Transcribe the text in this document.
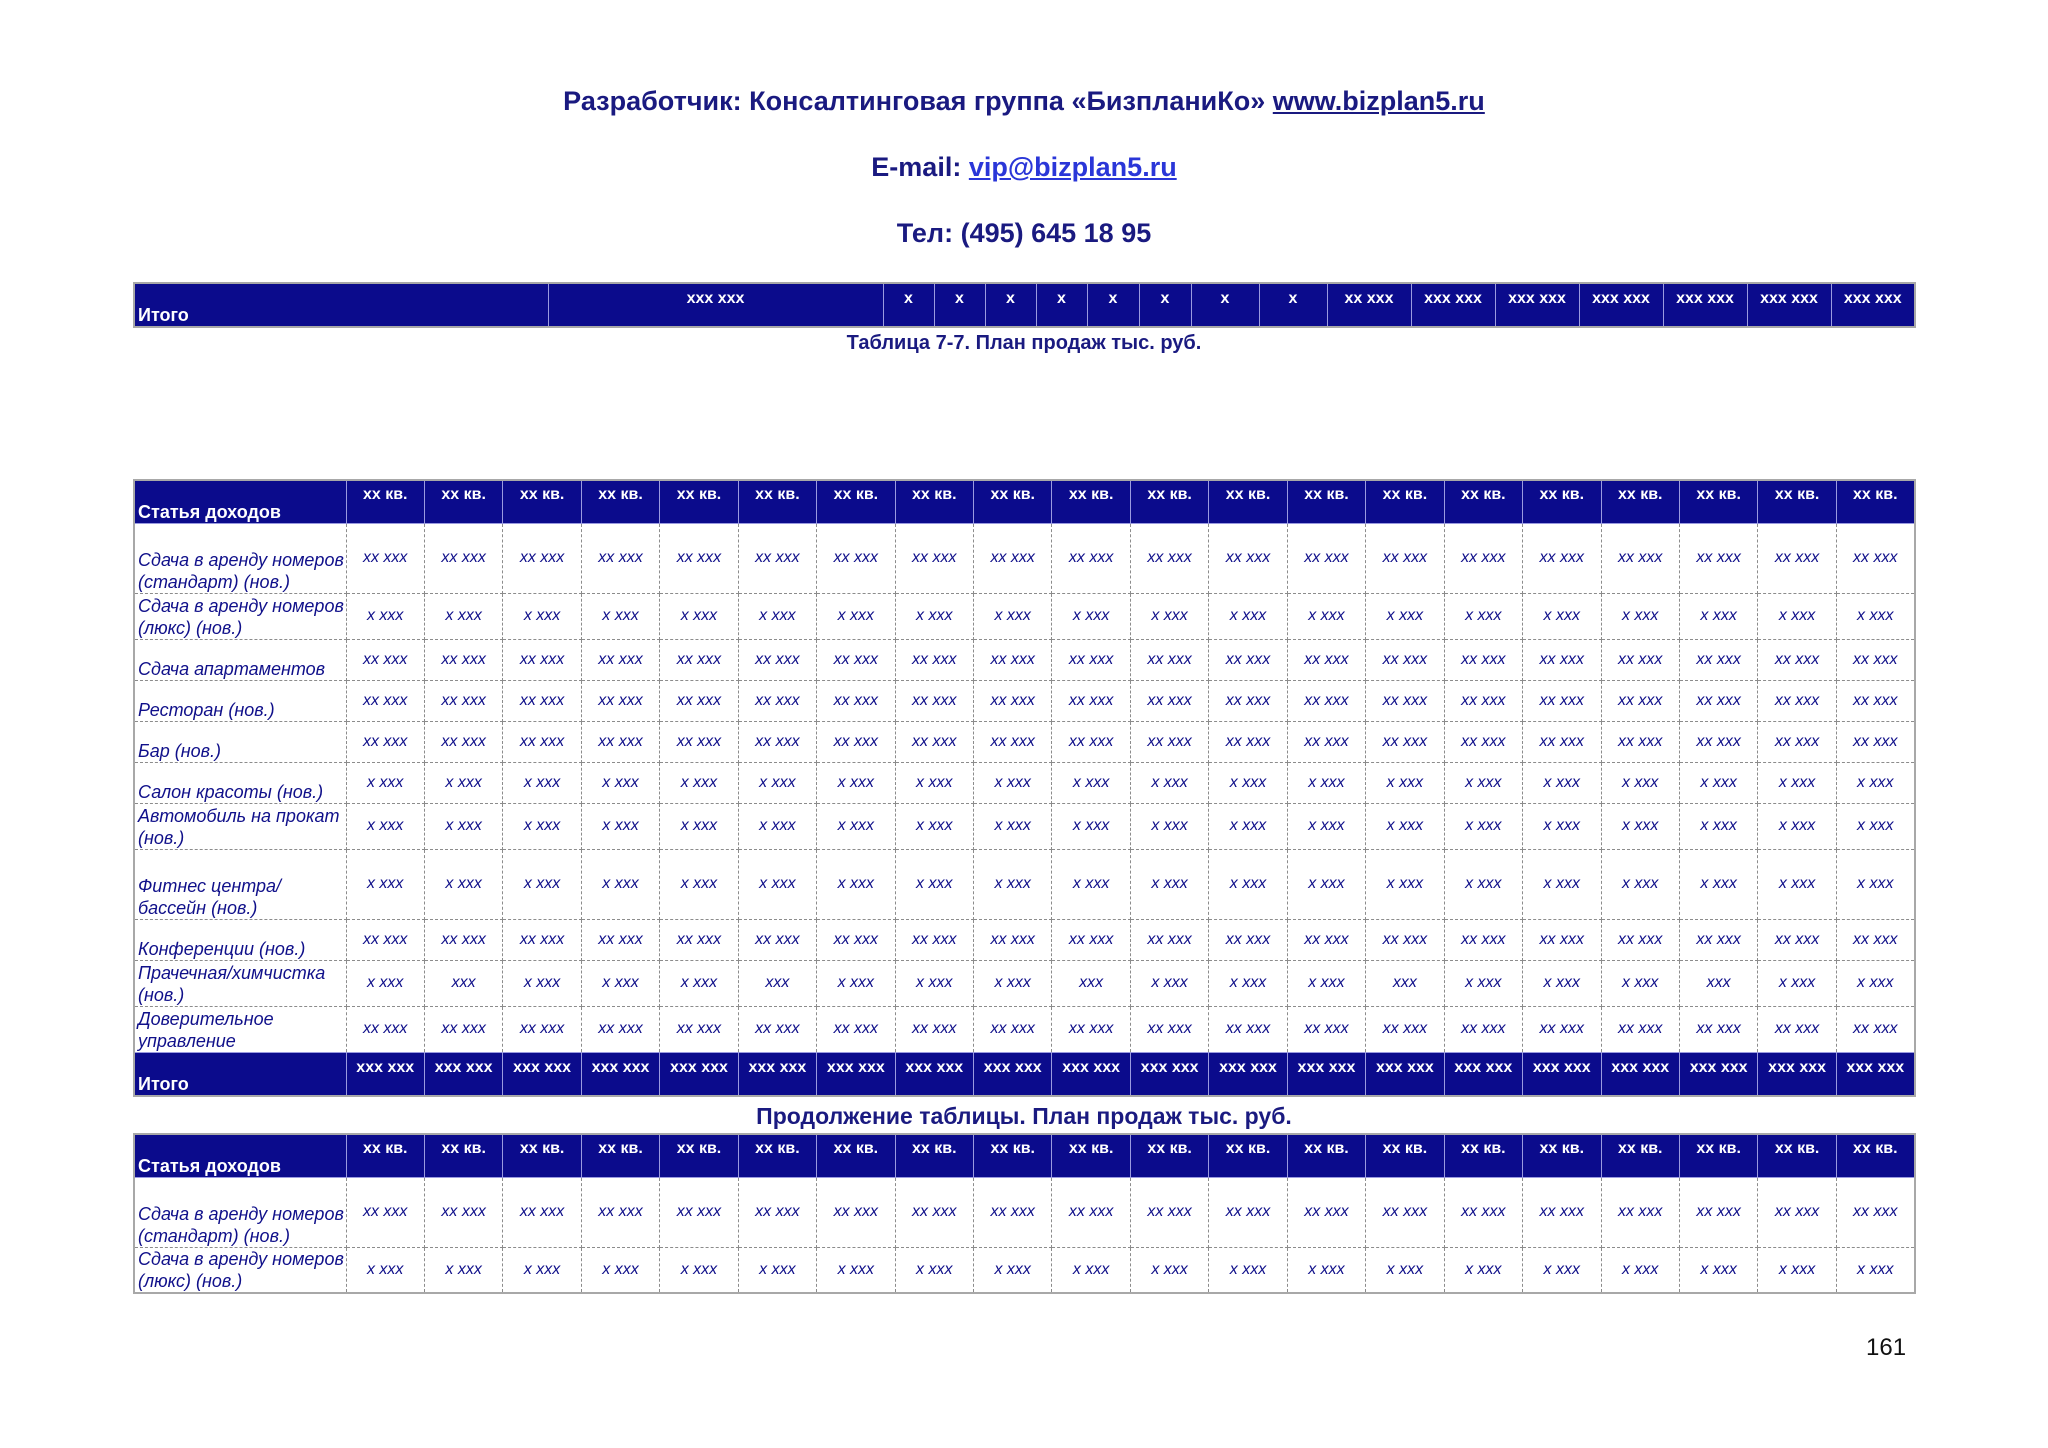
Разработчик: Консалтинговая группа «БизпланиКо» www.bizplan5.ru
E-mail: vip@bizplan5.ru
Тел: (495) 645 18 95
Итого	xxx xxx	x	x	x	x	x	x	x	x	xx xxx	xxx xxx	xxx xxx	xxx xxx	xxx xxx	xxx xxx	xxx xxx
Таблица 7-7. План продаж тыс. руб.
Статья доходов	xx кв.	xx кв.	xx кв.	xx кв.	xx кв.	xx кв.	xx кв.	xx кв.	xx кв.	xx кв.	xx кв.	xx кв.	xx кв.	xx кв.	xx кв.	xx кв.	xx кв.	xx кв.	xx кв.	xx кв.
Сдача в аренду номеров (стандарт) (нов.)	xx xxx	xx xxx	xx xxx	xx xxx	xx xxx	xx xxx	xx xxx	xx xxx	xx xxx	xx xxx	xx xxx	xx xxx	xx xxx	xx xxx	xx xxx	xx xxx	xx xxx	xx xxx	xx xxx	xx xxx
Сдача в аренду номеров (люкс) (нов.)	x xxx	x xxx	x xxx	x xxx	x xxx	x xxx	x xxx	x xxx	x xxx	x xxx	x xxx	x xxx	x xxx	x xxx	x xxx	x xxx	x xxx	x xxx	x xxx	x xxx
Сдача апартаментов	xx xxx	xx xxx	xx xxx	xx xxx	xx xxx	xx xxx	xx xxx	xx xxx	xx xxx	xx xxx	xx xxx	xx xxx	xx xxx	xx xxx	xx xxx	xx xxx	xx xxx	xx xxx	xx xxx	xx xxx
Ресторан (нов.)	xx xxx	xx xxx	xx xxx	xx xxx	xx xxx	xx xxx	xx xxx	xx xxx	xx xxx	xx xxx	xx xxx	xx xxx	xx xxx	xx xxx	xx xxx	xx xxx	xx xxx	xx xxx	xx xxx	xx xxx
Бар (нов.)	xx xxx	xx xxx	xx xxx	xx xxx	xx xxx	xx xxx	xx xxx	xx xxx	xx xxx	xx xxx	xx xxx	xx xxx	xx xxx	xx xxx	xx xxx	xx xxx	xx xxx	xx xxx	xx xxx	xx xxx
Салон красоты (нов.)	x xxx	x xxx	x xxx	x xxx	x xxx	x xxx	x xxx	x xxx	x xxx	x xxx	x xxx	x xxx	x xxx	x xxx	x xxx	x xxx	x xxx	x xxx	x xxx	x xxx
Автомобиль на прокат (нов.)	x xxx	x xxx	x xxx	x xxx	x xxx	x xxx	x xxx	x xxx	x xxx	x xxx	x xxx	x xxx	x xxx	x xxx	x xxx	x xxx	x xxx	x xxx	x xxx	x xxx
Фитнес центра/бассейн (нов.)	x xxx	x xxx	x xxx	x xxx	x xxx	x xxx	x xxx	x xxx	x xxx	x xxx	x xxx	x xxx	x xxx	x xxx	x xxx	x xxx	x xxx	x xxx	x xxx	x xxx
Конференции (нов.)	xx xxx	xx xxx	xx xxx	xx xxx	xx xxx	xx xxx	xx xxx	xx xxx	xx xxx	xx xxx	xx xxx	xx xxx	xx xxx	xx xxx	xx xxx	xx xxx	xx xxx	xx xxx	xx xxx	xx xxx
Прачечная/химчистка (нов.)	x xxx	xxx	x xxx	x xxx	x xxx	xxx	x xxx	x xxx	x xxx	xxx	x xxx	x xxx	x xxx	xxx	x xxx	x xxx	x xxx	xxx	x xxx	x xxx
Доверительное управление	xx xxx	xx xxx	xx xxx	xx xxx	xx xxx	xx xxx	xx xxx	xx xxx	xx xxx	xx xxx	xx xxx	xx xxx	xx xxx	xx xxx	xx xxx	xx xxx	xx xxx	xx xxx	xx xxx	xx xxx
Итого	xxx xxx	xxx xxx	xxx xxx	xxx xxx	xxx xxx	xxx xxx	xxx xxx	xxx xxx	xxx xxx	xxx xxx	xxx xxx	xxx xxx	xxx xxx	xxx xxx	xxx xxx	xxx xxx	xxx xxx	xxx xxx	xxx xxx	xxx xxx
Продолжение таблицы. План продаж тыс. руб.
Статья доходов	xx кв.	xx кв.	xx кв.	xx кв.	xx кв.	xx кв.	xx кв.	xx кв.	xx кв.	xx кв.	xx кв.	xx кв.	xx кв.	xx кв.	xx кв.	xx кв.	xx кв.	xx кв.	xx кв.	xx кв.
Сдача в аренду номеров (стандарт) (нов.)	xx xxx	xx xxx	xx xxx	xx xxx	xx xxx	xx xxx	xx xxx	xx xxx	xx xxx	xx xxx	xx xxx	xx xxx	xx xxx	xx xxx	xx xxx	xx xxx	xx xxx	xx xxx	xx xxx	xx xxx
Сдача в аренду номеров (люкс) (нов.)	x xxx	x xxx	x xxx	x xxx	x xxx	x xxx	x xxx	x xxx	x xxx	x xxx	x xxx	x xxx	x xxx	x xxx	x xxx	x xxx	x xxx	x xxx	x xxx	x xxx
161
